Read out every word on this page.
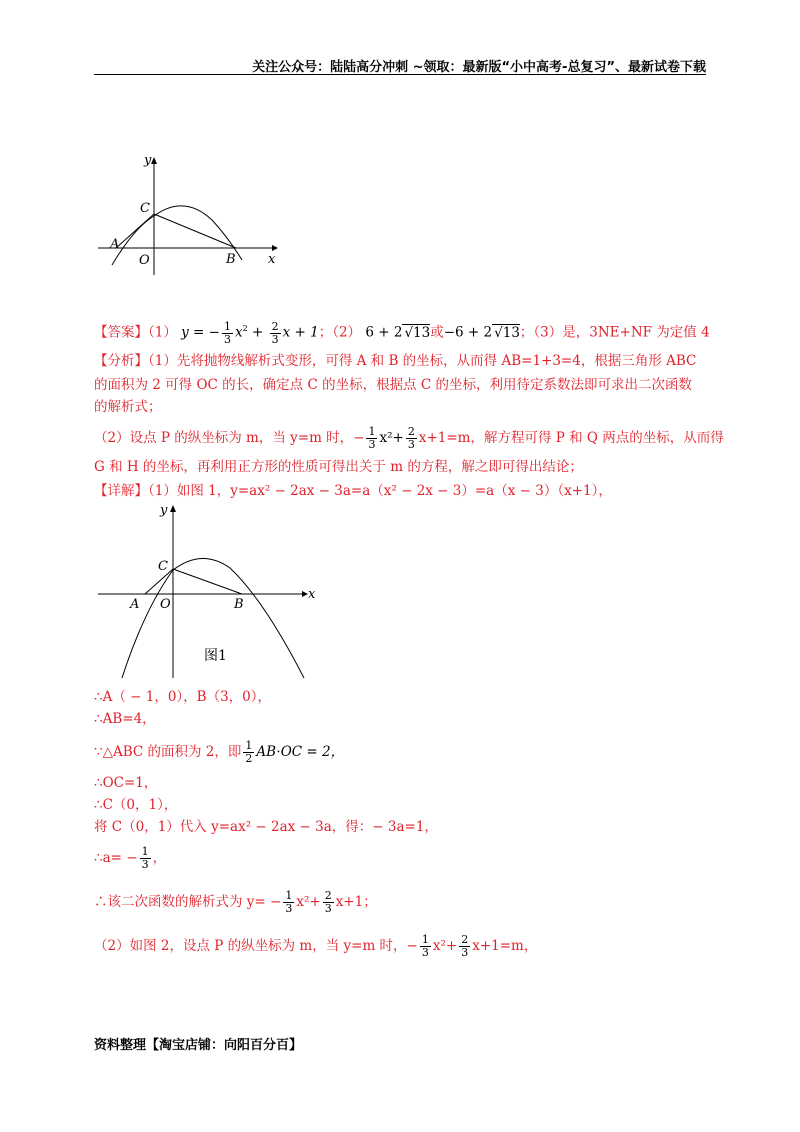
关注公众号：陆陆高分冲刺 ~领取：最新版“小中高考-总复习”、最新试卷下载
y
x
C
A
O	B
【答案】（1） y = − $\frac{1}{3} x^2 + \frac{2}{3}$ x + 1；（2） 6 + 2 √13或−6 + 2 √13；（3）是，3NE+NF 为定值 4
【分析】（1）先将抛物线解析式变形，可得 A 和 B 的坐标，从而得 AB=1+3=4，根据三角形 ABC
的面积为 2 可得 OC 的长，确定点 C 的坐标，根据点 C 的坐标，利用待定系数法即可求出二次函数
的解析式；
（2）设点 P 的纵坐标为 m，当 y=m 时，− $\frac{1}{3} x^2+ \frac{2}{3} x+1=m$，解方程可得 P 和 Q 两点的坐标，从而得
G 和 H 的坐标，再利用正方形的性质可得出关于 m 的方程，解之即可得出结论；
【详解】（1）如图 1，y=ax² − 2ax − 3a=a（x² − 2x − 3）=a（x − 3）（x+1），
y
x
C
A O	B
图1
∴A（ − 1，0），B（3，0），
∴AB=4，
∵△ABC 的面积为 2，即 $\frac{1}{2} AB\cdot OC = 2$，
∴OC=1，
∴C（0，1），
将 C（0，1）代入 y=ax² − 2ax − 3a，得：− 3a=1，
∴a= − $\frac{1}{3}$ ，
∴该二次函数的解析式为 $y= - \frac{1}{3} x^2+ \frac{2}{3} x+1$；
（2）如图 2，设点 P 的纵坐标为 m，当 y=m 时，− $\frac{1}{3} x^2+ \frac{2}{3} x+1=m$，
资料整理【淘宝店铺：向阳百分百】
